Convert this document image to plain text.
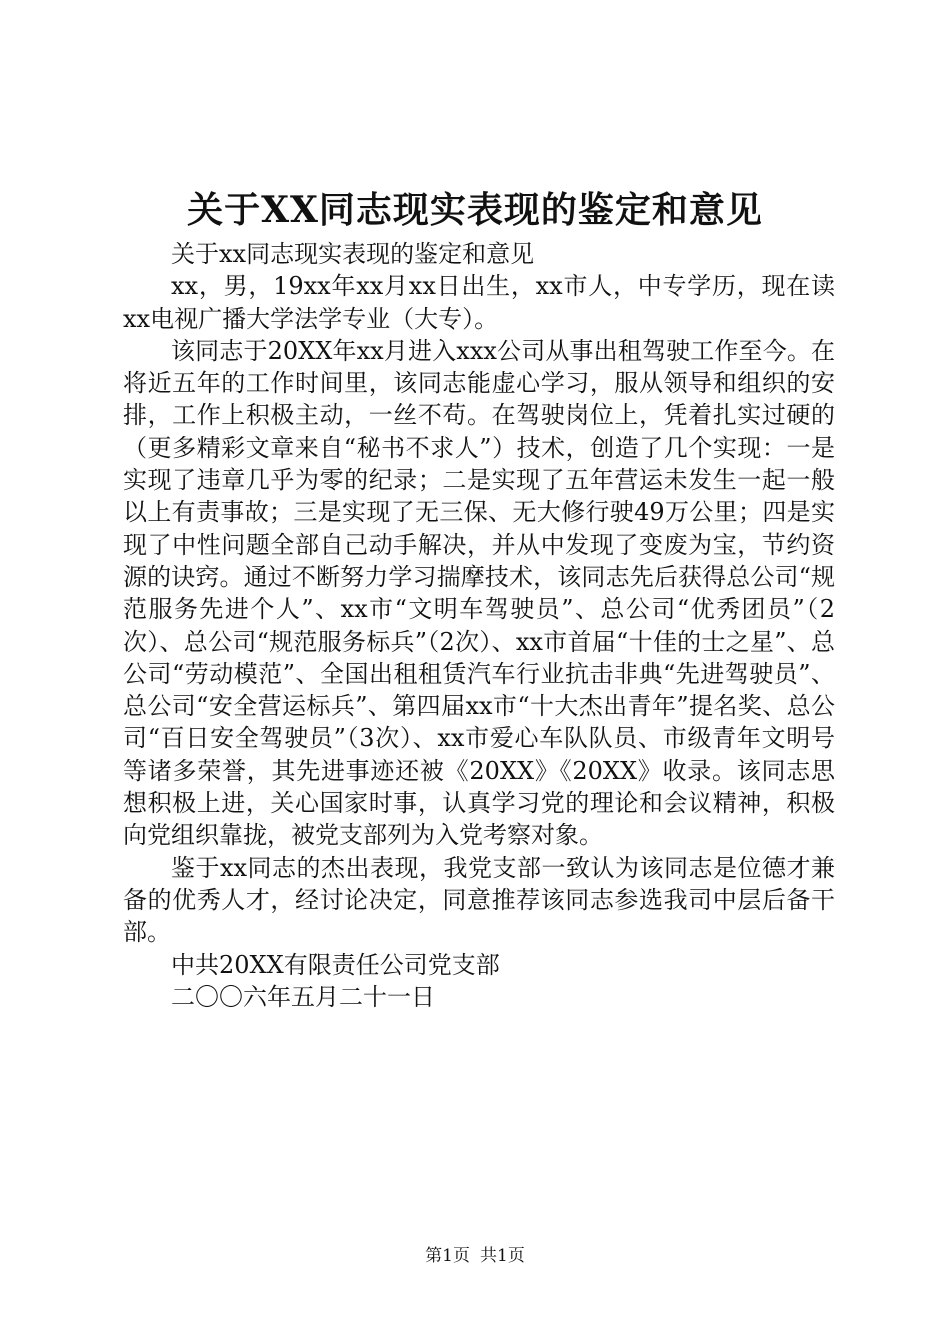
关于XX同志现实表现的鉴定和意见

关于xx同志现实表现的鉴定和意见

xx，男，19xx年xx月xx日出生，xx市人，中专学历，现在读xx电视广播大学法学专业（大专）。

该同志于20XX年xx月进入xxx公司从事出租驾驶工作至今。在将近五年的工作时间里，该同志能虚心学习，服从领导和组织的安排，工作上积极主动，一丝不苟。在驾驶岗位上，凭着扎实过硬的（更多精彩文章来自“秘书不求人”）技术，创造了几个实现：一是实现了违章几乎为零的纪录；二是实现了五年营运未发生一起一般以上有责事故；三是实现了无三保、无大修行驶49万公里；四是实现了中性问题全部自己动手解决，并从中发现了变废为宝，节约资源的诀窍。通过不断努力学习揣摩技术，该同志先后获得总公司“规范服务先进个人”、xx市“文明车驾驶员”、总公司“优秀团员”（2次）、总公司“规范服务标兵”（2次）、xx市首届“十佳的士之星”、总公司“劳动模范”、全国出租租赁汽车行业抗击非典“先进驾驶员”、总公司“安全营运标兵”、第四届xx市“十大杰出青年”提名奖、总公司“百日安全驾驶员”（3次）、xx市爱心车队队员、市级青年文明号等诸多荣誉，其先进事迹还被《20XX》《20XX》收录。该同志思想积极上进，关心国家时事，认真学习党的理论和会议精神，积极向党组织靠拢，被党支部列为入党考察对象。

鉴于xx同志的杰出表现，我党支部一致认为该同志是位德才兼备的优秀人才，经讨论决定，同意推荐该同志参选我司中层后备干部。

中共20XX有限责任公司党支部

二〇〇六年五月二十一日

第1页 共1页
